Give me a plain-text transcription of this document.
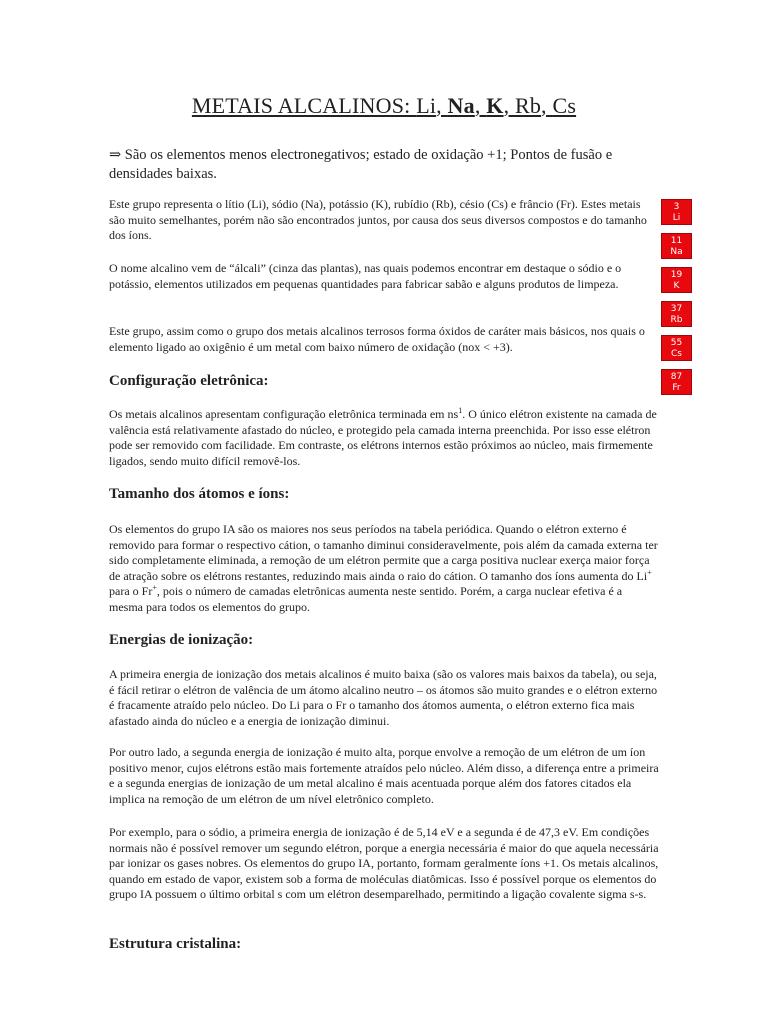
METAIS ALCALINOS: Li, Na, K, Rb, Cs
⇒ São os elementos menos electronegativos; estado de oxidação +1; Pontos de fusão e densidades baixas.
Este grupo representa o lítio (Li), sódio (Na), potássio (K), rubídio (Rb), césio (Cs) e frâncio (Fr). Estes metais são muito semelhantes, porém não são encontrados juntos, por causa dos seus diversos compostos e do tamanho dos íons.
O nome alcalino vem de “álcali” (cinza das plantas), nas quais podemos encontrar em destaque o sódio e o potássio, elementos utilizados em pequenas quantidades para fabricar sabão e alguns produtos de limpeza.
Este grupo, assim como o grupo dos metais alcalinos terrosos forma óxidos de caráter mais básicos, nos quais o elemento ligado ao oxigênio é um metal com baixo número de oxidação (nox < +3).
Configuração eletrônica:
Os metais alcalinos apresentam configuração eletrônica terminada em $ns^1$. O único elétron existente na camada de valência está relativamente afastado do núcleo, e protegido pela camada interna preenchida. Por isso esse elétron pode ser removido com facilidade. Em contraste, os elétrons internos estão próximos ao núcleo, mais firmemente ligados, sendo muito difícil removê-los.
Tamanho dos átomos e íons:
Os elementos do grupo IA são os maiores nos seus períodos na tabela periódica. Quando o elétron externo é removido para formar o respectivo cátion, o tamanho diminui consideravelmente, pois além da camada externa ter sido completamente eliminada, a remoção de um elétron permite que a carga positiva nuclear exerça maior força de atração sobre os elétrons restantes, reduzindo mais ainda o raio do cátion. O tamanho dos íons aumenta do Li+ para o Fr+, pois o número de camadas eletrônicas aumenta neste sentido. Porém, a carga nuclear efetiva é a mesma para todos os elementos do grupo.
Energias de ionização:
A primeira energia de ionização dos metais alcalinos é muito baixa (são os valores mais baixos da tabela), ou seja, é fácil retirar o elétron de valência de um átomo alcalino neutro – os átomos são muito grandes e o elétron externo é fracamente atraído pelo núcleo. Do Li para o Fr o tamanho dos átomos aumenta, o elétron externo fica mais afastado ainda do núcleo e a energia de ionização diminui.
Por outro lado, a segunda energia de ionização é muito alta, porque envolve a remoção de um elétron de um íon positivo menor, cujos elétrons estão mais fortemente atraídos pelo núcleo. Além disso, a diferença entre a primeira e a segunda energias de ionização de um metal alcalino é mais acentuada porque além dos fatores citados ela implica na remoção de um elétron de um nível eletrônico completo.
Por exemplo, para o sódio, a primeira energia de ionização é de 5,14 eV e a segunda é de 47,3 eV. Em condições normais não é possível remover um segundo elétron, porque a energia necessária é maior do que aquela necessária par ionizar os gases nobres. Os elementos do grupo IA, portanto, formam geralmente íons +1. Os metais alcalinos, quando em estado de vapor, existem sob a forma de moléculas diatômicas. Isso é possível porque os elementos do grupo IA possuem o último orbital s com um elétron desemparelhado, permitindo a ligação covalente sigma s-s.
Estrutura cristalina:
3
Li
11
Na
19
K
37
Rb
55
Cs
87
Fr
